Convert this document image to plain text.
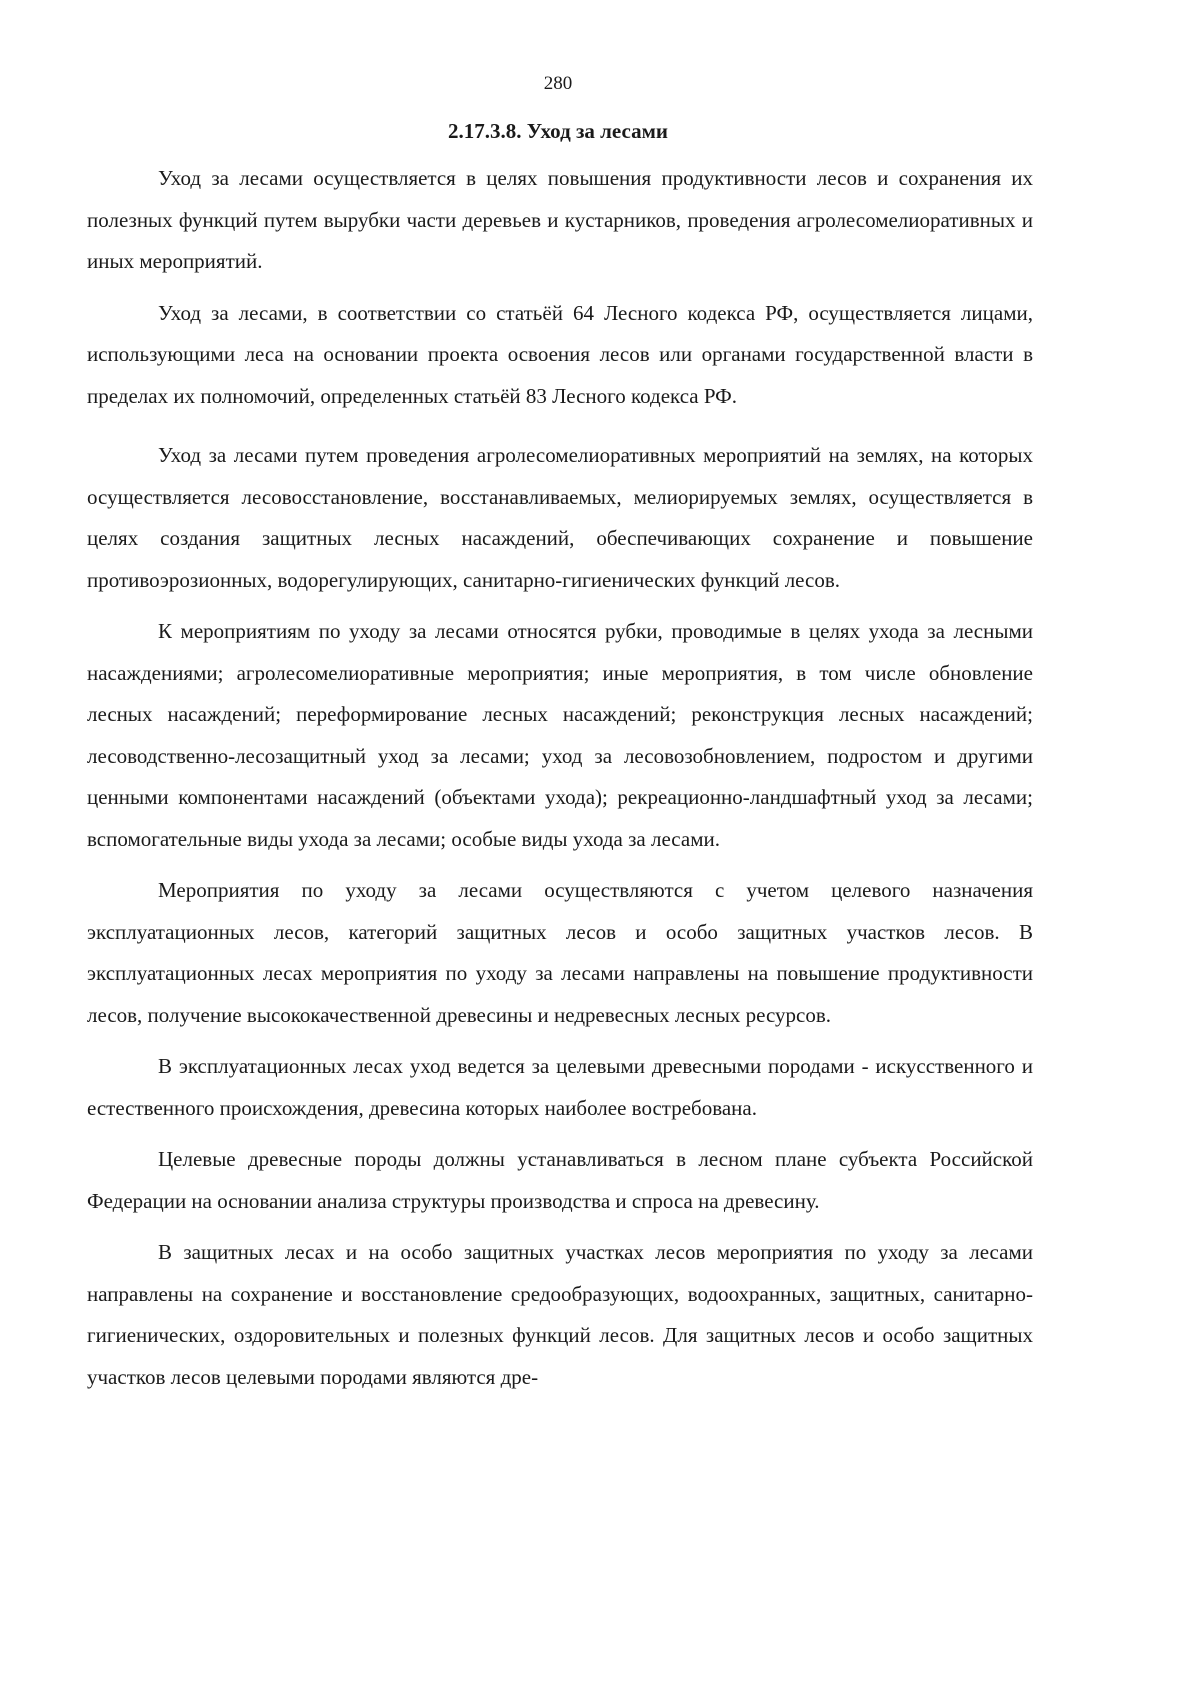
280
2.17.3.8. Уход за лесами

Уход за лесами осуществляется в целях повышения продуктивности лесов и сохранения их полезных функций путем вырубки части деревьев и кустарников, проведения агролесомелиоративных и иных мероприятий.

Уход за лесами, в соответствии со статьёй 64 Лесного кодекса РФ, осуществляется лицами, использующими леса на основании проекта освоения лесов или органами государственной власти в пределах их полномочий, определенных статьёй 83 Лесного кодекса РФ.

Уход за лесами путем проведения агролесомелиоративных мероприятий на землях, на которых осуществляется лесовосстановление, восстанавливаемых, мелиорируемых землях, осуществляется в целях создания защитных лесных насаждений, обеспечивающих сохранение и повышение противоэрозионных, водорегулирующих, санитарно-гигиенических функций лесов.

К мероприятиям по уходу за лесами относятся рубки, проводимые в целях ухода за лесными насаждениями; агролесомелиоративные мероприятия; иные мероприятия, в том числе обновление лесных насаждений; переформирование лесных насаждений; реконструкция лесных насаждений; лесоводственно-лесозащитный уход за лесами; уход за лесовозобновлением, подростом и другими ценными компонентами насаждений (объектами ухода); рекреационно-ландшафтный уход за лесами; вспомогательные виды ухода за лесами; особые виды ухода за лесами.

Мероприятия по уходу за лесами осуществляются с учетом целевого назначения эксплуатационных лесов, категорий защитных лесов и особо защитных участков лесов. В эксплуатационных лесах мероприятия по уходу за лесами направлены на повышение продуктивности лесов, получение высококачественной древесины и недревесных лесных ресурсов.

В эксплуатационных лесах уход ведется за целевыми древесными породами - искусственного и естественного происхождения, древесина которых наиболее востребована.

Целевые древесные породы должны устанавливаться в лесном плане субъекта Российской Федерации на основании анализа структуры производства и спроса на древесину.

В защитных лесах и на особо защитных участках лесов мероприятия по уходу за лесами направлены на сохранение и восстановление средообразующих, водоохранных, защитных, санитарно-гигиенических, оздоровительных и полезных функций лесов. Для защитных лесов и особо защитных участков лесов целевыми породами являются дре-
